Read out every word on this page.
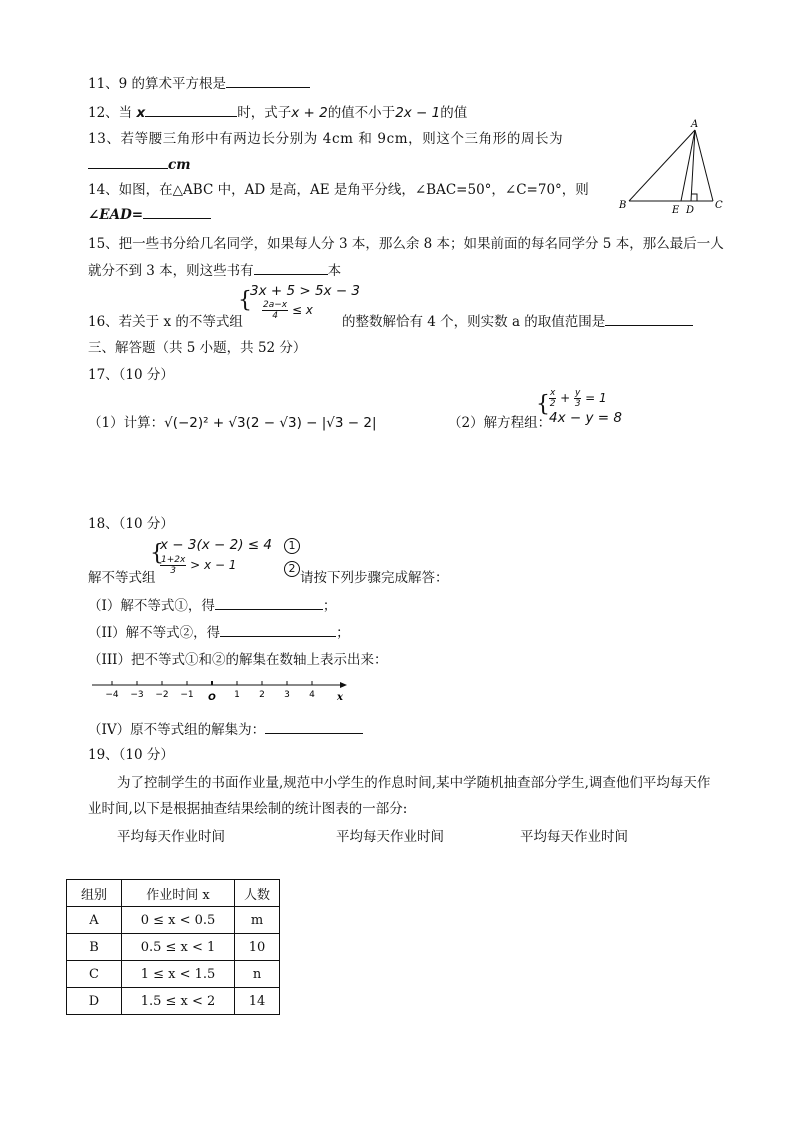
11、9 的算术平方根是
12、当 x	时，式子x + 2的值不小于2x − 1的值
13、若等腰三角形中有两边长分别为 4cm 和 9cm，则这个三角形的周长为
cm
A
B	C
D
E
14、如图，在△ABC 中，AD 是高，AE 是角平分线，∠BAC=50°，∠C=70°，则
∠EAD=
15、把一些书分给几名同学，如果每人分 3 本，那么余 8 本；如果前面的每名同学分 5 本，那么最后一人
就分不到 3 本，则这些书有	本
16、若关于 x 的不等式组
{
3x + 5 > 5x − 3
$\frac{2a-x}{4} \le x$
的整数解恰有 4 个，则实数 a 的取值范围是
三、解答题（共 5 小题，共 52 分）
17、（10 分）
（1）计算：√(−2)² + √3(2 − √3) − |√3 − 2|	（2）解方程组：
{ $\frac{x}{2} + \frac{y}{3} = 1$
4x − y = 8
18、（10 分）
解不等式组
{
x − 3(x − 2) ≤ 4
$\frac{1+2x}{3} > x - 1$
1
2
请按下列步骤完成解答：
（I）解不等式①，得	；
（II）解不等式②，得	；
（III）把不等式①和②的解集在数轴上表示出来：
−4 −3 −2 −1 O 1 2 3 4 x
（IV）原不等式组的解集为：
19、（10 分）
为了控制学生的书面作业量,规范中小学生的作息时间,某中学随机抽查部分学生,调查他们平均每天作
业时间,以下是根据抽查结果绘制的统计图表的一部分:
平均每天作业时间	平均每天作业时间	平均每天作业时间
组别	作业时间 x	人数
A	0 ≤ x < 0.5	m
B	0.5 ≤ x < 1	10
C	1 ≤ x < 1.5	n
D	1.5 ≤ x < 2	14
